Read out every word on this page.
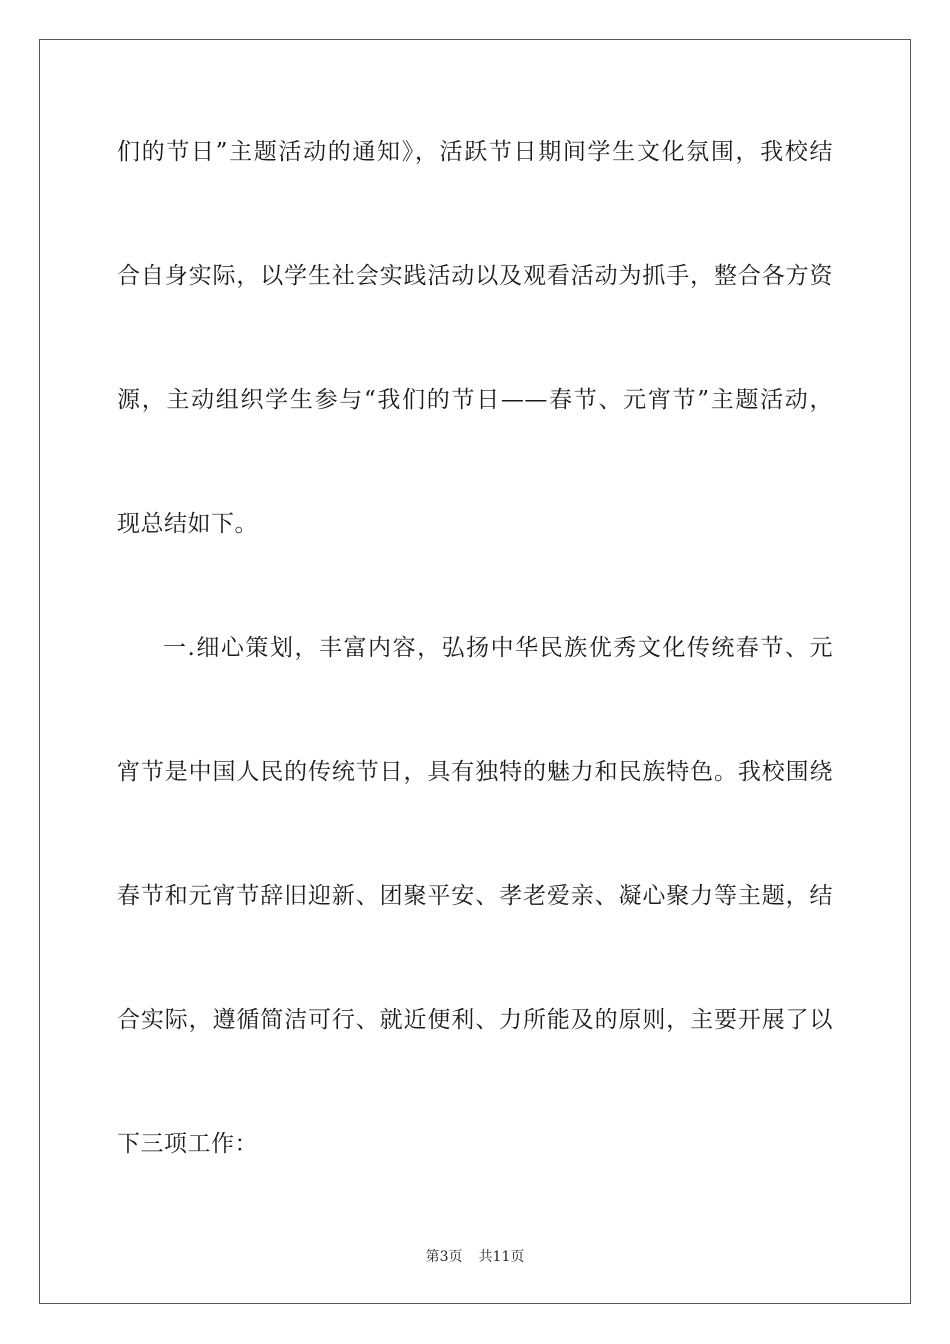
们的节日”主题活动的通知》，活跃节日期间学生文化氛围，我校结
合自身实际，以学生社会实践活动以及观看活动为抓手，整合各方资
源，主动组织学生参与“我们的节日——春节、元宵节”主题活动，
现总结如下。
一.细心策划，丰富内容，弘扬中华民族优秀文化传统春节、元
宵节是中国人民的传统节日，具有独特的魅力和民族特色。我校围绕
春节和元宵节辞旧迎新、团聚平安、孝老爱亲、凝心聚力等主题，结
合实际，遵循简洁可行、就近便利、力所能及的原则，主要开展了以
下三项工作：
第3页 共11页
